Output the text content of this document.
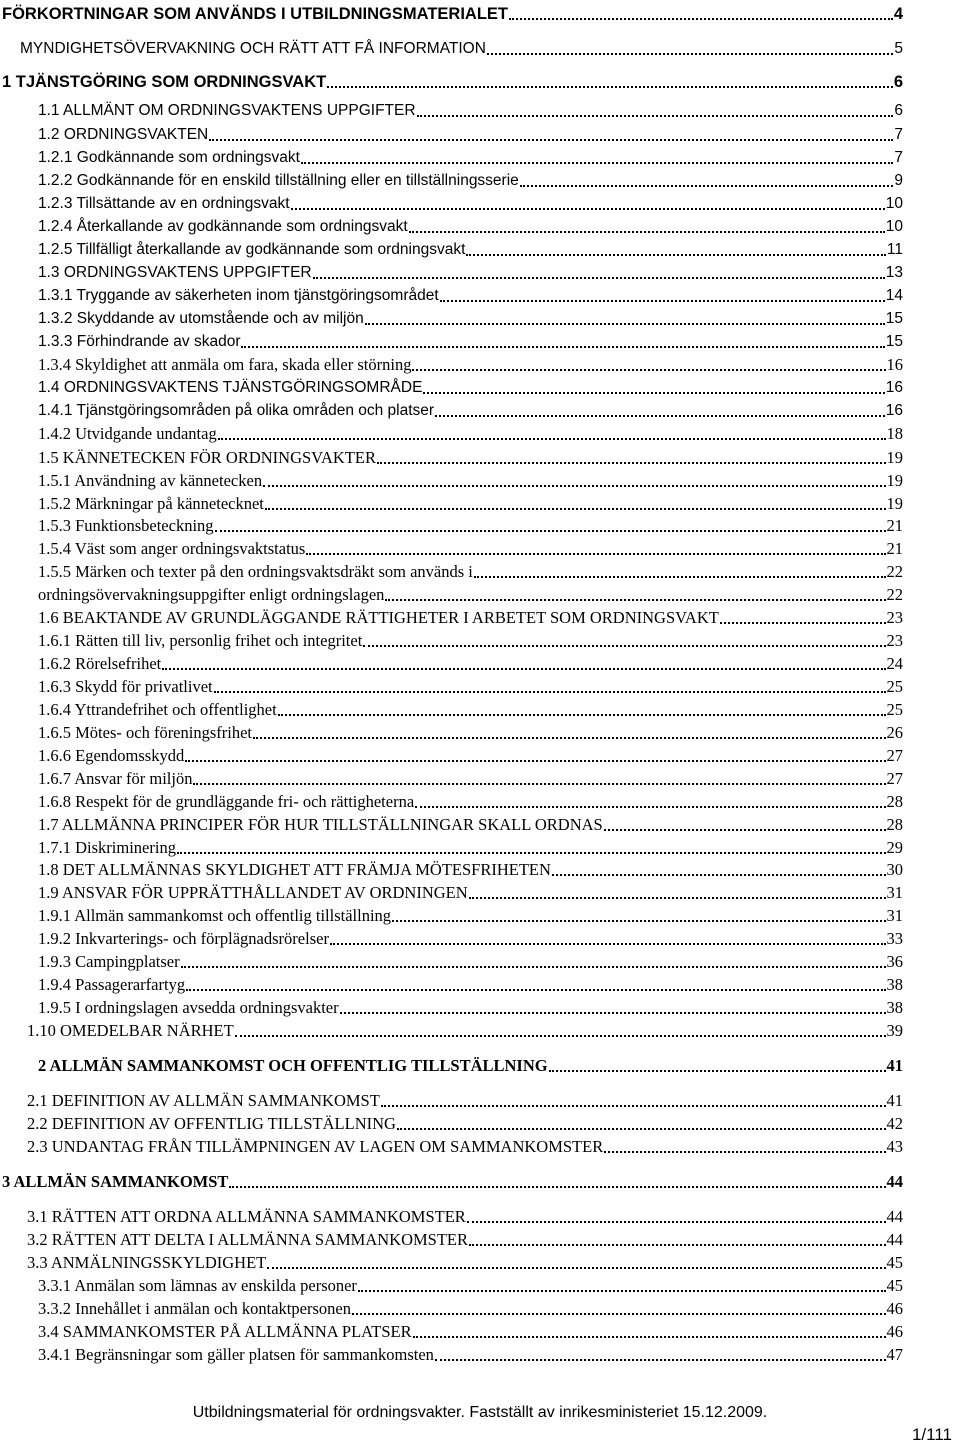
FÖRKORTNINGAR SOM ANVÄNDS I UTBILDNINGSMATERIALET	4
MYNDIGHETSÖVERVAKNING OCH RÄTT ATT FÅ INFORMATION	5
1 TJÄNSTGÖRING SOM ORDNINGSVAKT	6
1.1 ALLMÄNT OM ORDNINGSVAKTENS UPPGIFTER	6
1.2 ORDNINGSVAKTEN	7
1.2.1 Godkännande som ordningsvakt	7
1.2.2 Godkännande för en enskild tillställning eller en tillställningsserie	9
1.2.3 Tillsättande av en ordningsvakt	10
1.2.4 Återkallande av godkännande som ordningsvakt	10
1.2.5 Tillfälligt återkallande av godkännande som ordningsvakt	11
1.3 ORDNINGSVAKTENS UPPGIFTER	13
1.3.1 Tryggande av säkerheten inom tjänstgöringsområdet	14
1.3.2 Skyddande av utomstående och av miljön	15
1.3.3 Förhindrande av skador	15
1.3.4 Skyldighet att anmäla om fara, skada eller störning	16
1.4 ORDNINGSVAKTENS TJÄNSTGÖRINGSOMRÅDE	16
1.4.1 Tjänstgöringsområden på olika områden och platser	16
1.4.2 Utvidgande undantag	18
1.5 KÄNNETECKEN FÖR ORDNINGSVAKTER	19
1.5.1 Användning av kännetecken	19
1.5.2 Märkningar på kännetecknet	19
1.5.3 Funktionsbeteckning	21
1.5.4 Väst som anger ordningsvaktstatus	21
1.5.5 Märken och texter på den ordningsvaktsdräkt som används i	22
ordningsövervakningsuppgifter enligt ordningslagen	22
1.6 BEAKTANDE AV GRUNDLÄGGANDE RÄTTIGHETER I ARBETET SOM ORDNINGSVAKT	23
1.6.1 Rätten till liv, personlig frihet och integritet	23
1.6.2 Rörelsefrihet	24
1.6.3 Skydd för privatlivet	25
1.6.4 Yttrandefrihet och offentlighet	25
1.6.5 Mötes- och föreningsfrihet	26
1.6.6 Egendomsskydd	27
1.6.7 Ansvar för miljön	27
1.6.8 Respekt för de grundläggande fri- och rättigheterna	28
1.7 ALLMÄNNA PRINCIPER FÖR HUR TILLSTÄLLNINGAR SKALL ORDNAS	28
1.7.1 Diskriminering	29
1.8 DET ALLMÄNNAS SKYLDIGHET ATT FRÄMJA MÖTESFRIHETEN	30
1.9 ANSVAR FÖR UPPRÄTTHÅLLANDET AV ORDNINGEN	31
1.9.1 Allmän sammankomst och offentlig tillställning	31
1.9.2 Inkvarterings- och förplägnadsrörelser	33
1.9.3 Campingplatser	36
1.9.4 Passagerarfartyg	38
1.9.5 I ordningslagen avsedda ordningsvakter	38
1.10 OMEDELBAR NÄRHET	39
2 ALLMÄN SAMMANKOMST OCH OFFENTLIG TILLSTÄLLNING	41
2.1 DEFINITION AV ALLMÄN SAMMANKOMST	41
2.2 DEFINITION AV OFFENTLIG TILLSTÄLLNING	42
2.3 UNDANTAG FRÅN TILLÄMPNINGEN AV LAGEN OM SAMMANKOMSTER	43
3 ALLMÄN SAMMANKOMST	44
3.1 RÄTTEN ATT ORDNA ALLMÄNNA SAMMANKOMSTER	44
3.2 RÄTTEN ATT DELTA I ALLMÄNNA SAMMANKOMSTER	44
3.3 ANMÄLNINGSSKYLDIGHET	45
3.3.1 Anmälan som lämnas av enskilda personer	45
3.3.2 Innehållet i anmälan och kontaktpersonen	46
3.4 SAMMANKOMSTER PÅ ALLMÄNNA PLATSER	46
3.4.1 Begränsningar som gäller platsen för sammankomsten	47
Utbildningsmaterial för ordningsvakter. Fastställt av inrikesministeriet 15.12.2009.
1/111
